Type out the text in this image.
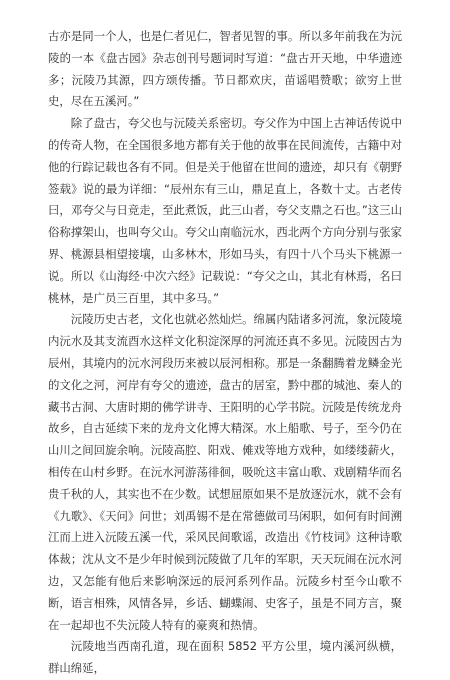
古亦是同一个人，也是仁者见仁，智者见智的事。所以多年前我在为沅陵的一本《盘古园》杂志创刊号题词时写道：“盘古开天地，中华遗迹多；沅陵乃其源，四方颂传播。节日都欢庆，苗谣唱赞歌；欲穷上世史，尽在五溪河。”

除了盘古，夸父也与沅陵关系密切。夸父作为中国上古神话传说中的传奇人物，在全国很多地方都有关于他的故事在民间流传，古籍中对他的行踪记载也各有不同。但是关于他留在世间的遗迹，却只有《朝野签载》说的最为详细：“辰州东有三山，鼎足直上，各数十丈。古老传曰，邓夸父与日竞走，至此煮饭，此三山者，夸父支鼎之石也。”这三山俗称撑架山，也叫夸父山。夸父山南临沅水，西北两个方向分别与张家界、桃源县相望接壤，山多林木，形如马头，有四十八个马头下桃源一说。所以《山海经·中次六经》记载说：“夸父之山，其北有林焉，名曰桃林，是广员三百里，其中多马。”

沅陵历史古老，文化也就必然灿烂。绵属内陆诸多河流，象沅陵境内沅水及其支流酉水这样文化积淀深厚的河流还真不多见。沅陵因古为辰州，其境内的沅水河段历来被以辰河相称。那是一条翻腾着龙鳞金光的文化之河，河岸有夸父的遗迹，盘古的居室，黔中郡的城池、秦人的藏书古洞、大唐时期的佛学讲寺、王阳明的心学书院。沅陵是传统龙舟故乡，自古延续下来的龙舟文化博大精深。水上船歌、号子，至今仍在山川之间回旋余响。沅陵高腔、阳戏、傩戏等地方戏种，如缕缕薪火，相传在山村乡野。在沅水河游荡徘徊，吸吮这丰富山歌、戏剧精华而名贵千秋的人，其实也不在少数。试想屈原如果不是放逐沅水，就不会有《九歌》、《天问》问世；刘禹锡不是在常德做司马闲职，如何有时间溯江而上进入沅陵五溪一代，采风民间歌谣，改造出《竹枝词》这种诗歌体裁；沈从文不是少年时候到沅陵做了几年的军职，天天玩闹在沅水河边，又怎能有他后来影响深远的辰河系列作品。沅陵乡村至今山歌不断，语言相殊，风情各异，乡话、蝴蝶闹、史客子，虽是不同方言，聚在一起却也不失沅陵人特有的豪爽和热情。

沅陵地当西南孔道，现在面积 5852 平方公里，境内溪河纵横，群山绵延，
